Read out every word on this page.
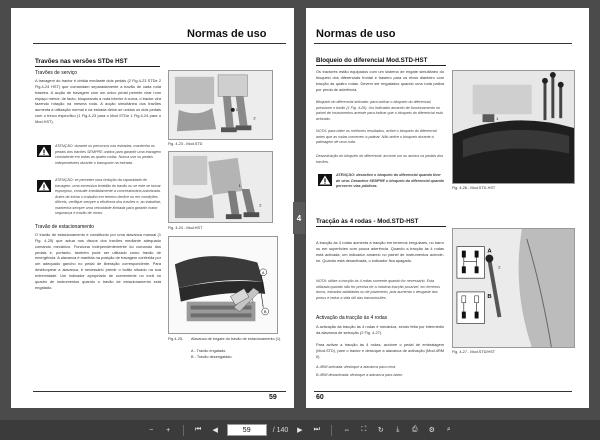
Normas de uso
Travões nas versões STDe HST
Travões de serviço
A travagem do tractor é obtida mediante dois pedais (2 Fig.4-23 STDe 2 Fig.4-24 HST) que comandam separadamente a travão de cada roda traseira. A acção de travagem com um único pedal permite virar num espaço menor, de facto, bloqueando a roda interior à curva, o tractor vira fazendo rotação na mesma roda. A acção simultânea dos travões aumenta a utilização normal e na estrada deixe-se unidos os dois pedais com o trinco específico (1 Fig.4-23 para o Mod STDe 1 Fig.4-24 para o Mod.HST).
ATENÇÃO: durante os percursos nas estradas, mantenha os pedais dos travões SEMPRE unidos para garantir uma travagem consistente em todas as quatro rodas. Nunca use os pedais independentes durante o transporte na estrada.
ATENÇÃO: se perceber uma redução da capacidade de travagem, uma excessiva lentidão do travão ou se este se tornar esponjoso, consulte imediatamente a concessionária autorizada. Antes de iniciar o trabalho em terreno declive ou em condições difíceis, verifique sempre a eficiência dos travões e, ao trabalhar, mantenha sempre uma velocidade limitada para garantir maior segurança e travão de motor.
Travão de estacionamento
O travão de estacionamento é constituído por uma alavanca manual (1 Fig. 4-25) que actua nos discos dos travões mediante adequado comando mecânico. Funciona independentemente do comando dos pedais e, portanto, também pode ser utilizado como travão de emergência. A alavanca é mantida na posição de travagem conferida por um adequado gancho no pedal de liberação correspondente. Para desbloquear a alavanca, é necessário premir o botão situado na sua extremidade. Um indicador apropriado de conveniente no ecrã no quadro de instrumentos quando o travão de estacionamento está engatado.
1
2
Fig. 4-23 - Mod.STD
1
2
Fig. 4-24 - Mod.HST
A
B
1
Fig.4-25. Alavanca de engate do travão de estacionamento (1).
A - Travão engatado.
B - Travão desengatado.
59
4
Normas de uso
Bloqueio do diferencial Mod.STD-HST
Os tractores estão equipados com um sistema de engate simultâneo do bloqueio dos diferenciais frontal e traseiro para os eixos dianteiro com tracção às quatro rodas. Devem ser engatados quando uma roda patina por perda de aderência.
Bloqueio do diferencial activado: para activar o bloqueio do diferencial, pressione o botão (1 Fig. 4-26). Um indicador amarelo de funcionamento no painel de instrumentos acende para indicar que o bloqueio do diferencial está activado.
NOTA: para obter os melhores resultados, active o bloqueio do diferencial antes que as rodas comecem a patinar. Não active o bloqueio durante a patinagem de uma roda.
Desactivação do bloqueio do diferencial: accione um ou ambos os pedais dos travões.
ATENÇÃO: desactive o bloqueio do diferencial quando tiver de virar. Desactive SEMPRE o bloqueio do diferencial quando percorrer vias públicas.
1
Fig. 4-26 - Mod.STD-HST
Tracção às 4 rodas - Mod.STD-HST
A tracção às 4 rodas aumenta a tracção em terrenos irregulares, no barro ou em superfícies com pouca aderência. Quando a tracção às 4 rodas está activada, um indicador amarelo no painel de instrumentos acende-se. Quando está desactivada, o indicador fica apagado.
NOTA: utilize a tracção às 4 rodas somente quando for necessário. Esta utilizada quando não for precisa ter a máxima tracção possível, em terrenos duros, estradas asfaltadas ou de pavimento, pois aumenta o desgaste dos pneus e reduz a vida útil das transmissões.
Activação da tracção às 4 rodas
A activação da tracção às 4 rodas é mecânica, sendo feita por intermédio da alavanca de selecção (2 Fig. 4-27).
Para activar a tracção às 4 rodas, accione o pedal de embraiagem (Mod.STD), pare o tractor e desloque a alavanca de activação (Mod.4RM II).
A-4RM activada: desloque a alavanca para cima
B-4RM desactivada: desloque a alavanca para baixo
A
B
2
Fig. 4-27 - Mod.STD/HST
60
−	+	⏮	◀
59	/ 140	▶	⏭	⇔	⛶	↻	⤓	⎙	⚙	⌕
